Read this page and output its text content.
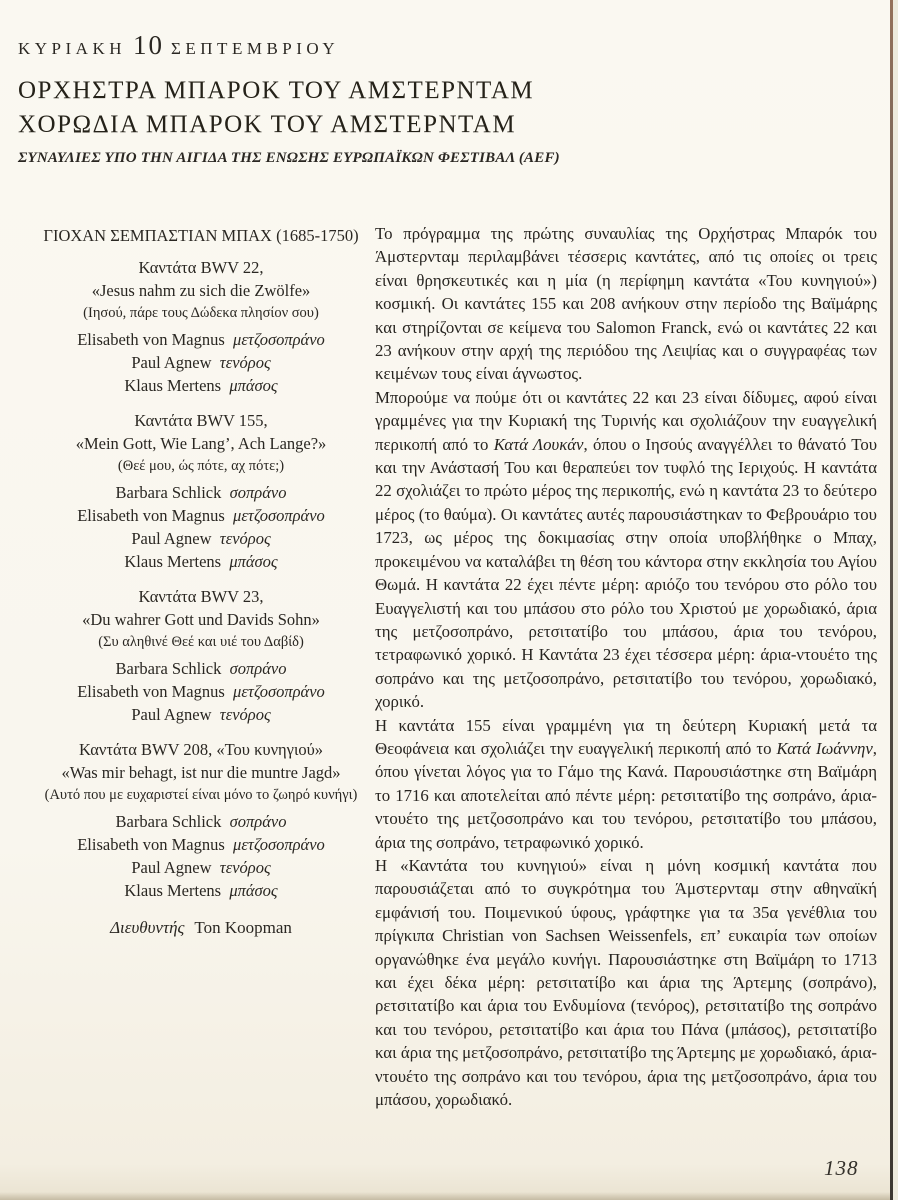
ΚΥΡΙΑΚΗ 10 ΣΕΠΤΕΜΒΡΙΟΥ
ΟΡΧΗΣΤΡΑ ΜΠΑΡΟΚ ΤΟΥ ΑΜΣΤΕΡΝΤΑΜ
ΧΟΡΩΔΙΑ ΜΠΑΡΟΚ ΤΟΥ ΑΜΣΤΕΡΝΤΑΜ
ΣΥΝΑΥΛΙΕΣ ΥΠΟ ΤΗΝ ΑΙΓΙΔΑ ΤΗΣ ΕΝΩΣΗΣ ΕΥΡΩΠΑΪΚΩΝ ΦΕΣΤΙΒΑΛ (AEF)
ΓΙΟΧΑΝ ΣΕΜΠΑΣΤΙΑΝ ΜΠΑΧ (1685-1750)
Καντάτα BWV 22,
«Jesus nahm zu sich die Zwölfe»
(Ιησού, πάρε τους Δώδεκα πλησίον σου)
Elisabeth von Magnus  μετζοσοπράνο
Paul Agnew  τενόρος
Klaus Mertens  μπάσος
Καντάτα BWV 155,
«Mein Gott, Wie Lang’, Ach Lange?»
(Θεέ μου, ώς πότε, αχ πότε;)
Barbara Schlick  σοπράνο
Elisabeth von Magnus  μετζοσοπράνο
Paul Agnew  τενόρος
Klaus Mertens  μπάσος
Καντάτα BWV 23,
«Du wahrer Gott und Davids Sohn»
(Συ αληθινέ Θεέ και υιέ του Δαβίδ)
Barbara Schlick  σοπράνο
Elisabeth von Magnus  μετζοσοπράνο
Paul Agnew  τενόρος
Καντάτα BWV 208, «Του κυνηγιού»
«Was mir behagt, ist nur die muntre Jagd»
(Αυτό που με ευχαριστεί είναι μόνο το ζωηρό κυνήγι)
Barbara Schlick  σοπράνο
Elisabeth von Magnus  μετζοσοπράνο
Paul Agnew  τενόρος
Klaus Mertens  μπάσος
Διευθυντής Ton Koopman

Το πρόγραμμα της πρώτης συναυλίας της Ορχήστρας Μπαρόκ του Άμστερνταμ περιλαμβάνει τέσσερις καντάτες, από τις οποίες οι τρεις είναι θρησκευτικές και η μία (η περίφημη καντάτα «Του κυνηγιού») κοσμική. Οι καντάτες 155 και 208 ανήκουν στην περίοδο της Βαϊμάρης και στηρίζονται σε κείμενα του Salomon Franck, ενώ οι καντάτες 22 και 23 ανήκουν στην αρχή της περιόδου της Λειψίας και ο συγγραφέας των κειμένων τους είναι άγνωστος.

Μπορούμε να πούμε ότι οι καντάτες 22 και 23 είναι δίδυμες, αφού είναι γραμμένες για την Κυριακή της Τυρινής και σχολιάζουν την ευαγγελική περικοπή από το Κατά Λουκάν, όπου ο Ιησούς αναγγέλλει το θάνατό Του και την Ανάστασή Του και θεραπεύει τον τυφλό της Ιεριχούς. Η καντάτα 22 σχολιάζει το πρώτο μέρος της περικοπής, ενώ η καντάτα 23 το δεύτερο μέρος (το θαύμα). Οι καντάτες αυτές παρουσιάστηκαν το Φεβρουάριο του 1723, ως μέρος της δοκιμασίας στην οποία υποβλήθηκε ο Μπαχ, προκειμένου να καταλάβει τη θέση του κάντορα στην εκκλησία του Αγίου Θωμά. Η καντάτα 22 έχει πέντε μέρη: αριόζο του τενόρου στο ρόλο του Ευαγγελιστή και του μπάσου στο ρόλο του Χριστού με χορωδιακό, άρια της μετζοσοπράνο, ρετσιτατίβο του μπάσου, άρια του τενόρου, τετραφωνικό χορικό. Η Καντάτα 23 έχει τέσσερα μέρη: άρια-ντουέτο της σοπράνο και της μετζοσοπράνο, ρετσιτατίβο του τενόρου, χορωδιακό, χορικό.

Η καντάτα 155 είναι γραμμένη για τη δεύτερη Κυριακή μετά τα Θεοφάνεια και σχολιάζει την ευαγγελική περικοπή από το Κατά Ιωάννην, όπου γίνεται λόγος για το Γάμο της Κανά. Παρουσιάστηκε στη Βαϊμάρη το 1716 και αποτελείται από πέντε μέρη: ρετσιτατίβο της σοπράνο, άρια-ντουέτο της μετζοσοπράνο και του τενόρου, ρετσιτατίβο του μπάσου, άρια της σοπράνο, τετραφωνικό χορικό.

Η «Καντάτα του κυνηγιού» είναι η μόνη κοσμική καντάτα που παρουσιάζεται από το συγκρότημα του Άμστερνταμ στην αθηναϊκή εμφάνισή του. Ποιμενικού ύφους, γράφτηκε για τα 35α γενέθλια του πρίγκιπα Christian von Sachsen Weissenfels, επ’ ευκαιρία των οποίων οργανώθηκε ένα μεγάλο κυνήγι. Παρουσιάστηκε στη Βαϊμάρη το 1713 και έχει δέκα μέρη: ρετσιτατίβο και άρια της Άρτεμης (σοπράνο), ρετσιτατίβο και άρια του Ενδυμίονα (τενόρος), ρετσιτατίβο της σοπράνο και του τενόρου, ρετσιτατίβο και άρια του Πάνα (μπάσος), ρετσιτατίβο και άρια της μετζοσοπράνο, ρετσιτατίβο της Άρτεμης με χορωδιακό, άρια-ντουέτο της σοπράνο και του τενόρου, άρια της μετζοσοπράνο, άρια του μπάσου, χορωδιακό.

138
